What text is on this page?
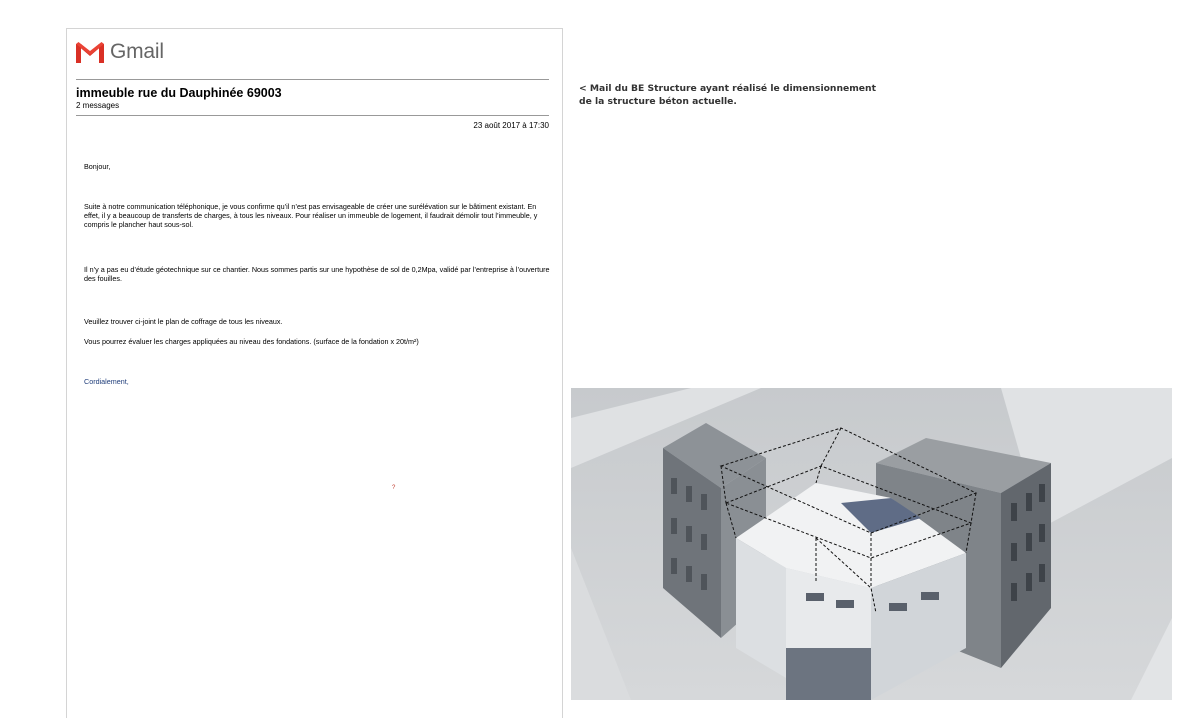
Gmail
immeuble rue du Dauphinée 69003
2 messages
23 août 2017 à 17:30
Bonjour,
Suite à notre communication téléphonique, je vous confirme qu’il n’est pas envisageable de créer une surélévation sur le bâtiment existant. En effet, il y a beaucoup de transferts de charges, à tous les niveaux. Pour réaliser un immeuble de logement, il faudrait démolir tout l’immeuble, y compris le plancher haut sous-sol.
Il n’y a pas eu d’étude géotechnique sur ce chantier. Nous sommes partis sur une hypothèse de sol de 0,2Mpa, validé par l’entreprise à l’ouverture des fouilles.
Veuillez trouver ci-joint le plan de coffrage de tous les niveaux.
Vous pourrez évaluer les charges appliquées au niveau des fondations. (surface de la fondation x 20t/m²)
Cordialement,
?
< Mail du BE Structure ayant réalisé le dimensionnement
de la structure béton actuelle.
